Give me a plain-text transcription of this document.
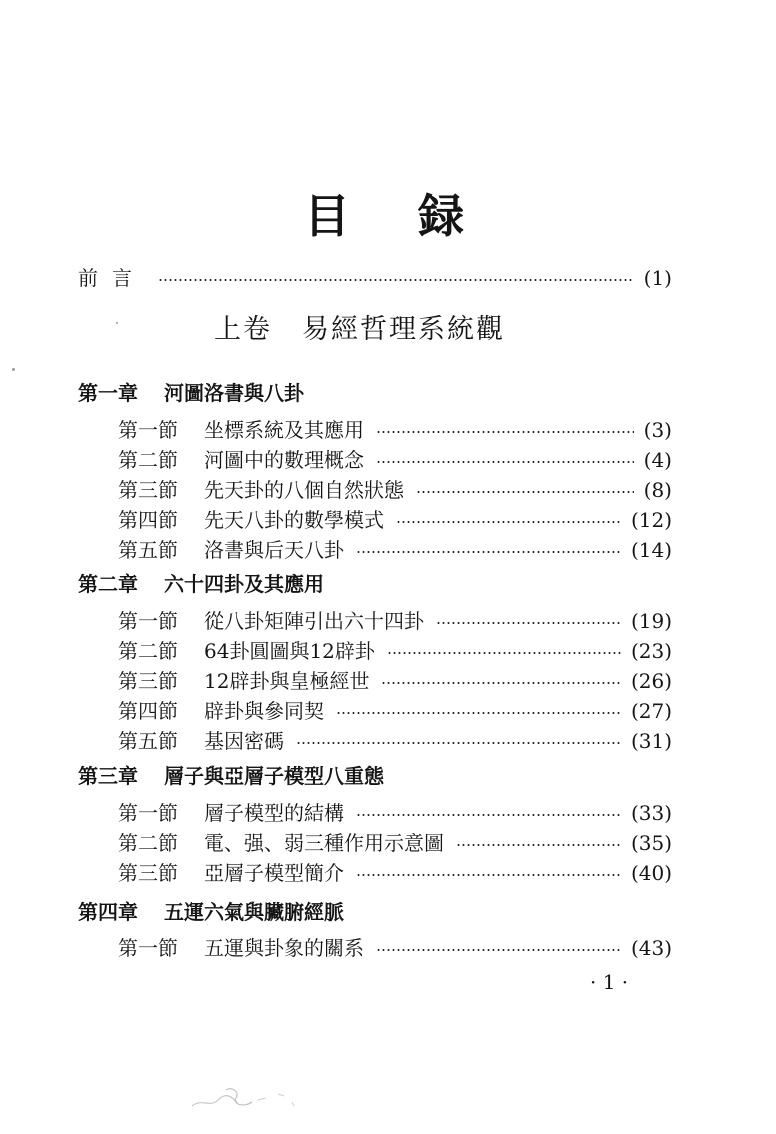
目 録
前言	(1)
上卷 易經哲理系統觀
第一章 河圖洛書與八卦
第一節	坐標系統及其應用	(3)
第二節	河圖中的數理概念	(4)
第三節	先天卦的八個自然狀態	(8)
第四節	先天八卦的數學模式	(12)
第五節	洛書與后天八卦	(14)
第二章 六十四卦及其應用
第一節	從八卦矩陣引出六十四卦	(19)
第二節	64卦圓圖與12辟卦	(23)
第三節	12辟卦與皇極經世	(26)
第四節	辟卦與參同契	(27)
第五節	基因密碼	(31)
第三章 層子與亞層子模型八重態
第一節	層子模型的結構	(33)
第二節	電、强、弱三種作用示意圖	(35)
第三節	亞層子模型簡介	(40)
第四章 五運六氣與臟腑經脈
第一節	五運與卦象的關系	(43)
· 1 ·
